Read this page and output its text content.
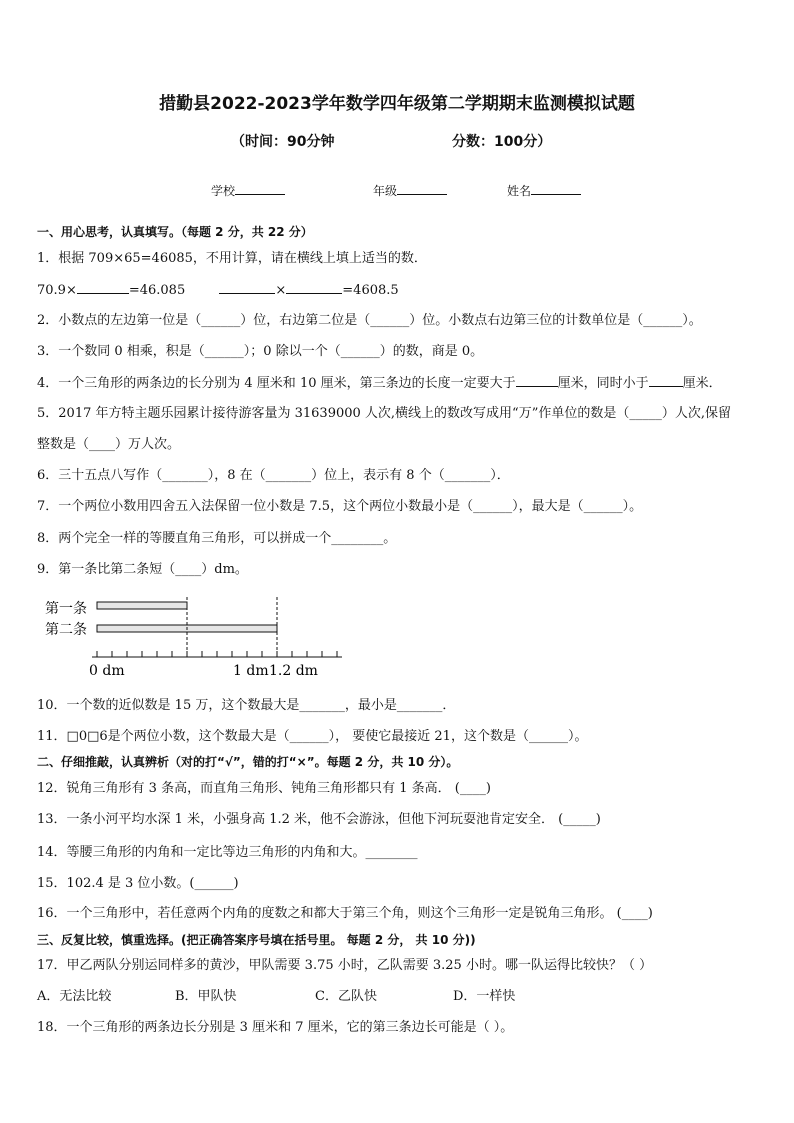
措勤县2022-2023学年数学四年级第二学期期末监测模拟试题
（时间：90分钟	分数：100分）
学校	年级	姓名
一、用心思考，认真填写。（每题 2 分，共 22 分）
1．根据 709×65=46085，不用计算，请在横线上填上适当的数．
70.9×	=46.085	×	=4608.5
2．小数点的左边第一位是（______）位，右边第二位是（______）位。小数点右边第三位的计数单位是（______）。
3．一个数同 0 相乘，积是（______）；0 除以一个（______）的数，商是 0。
4．一个三角形的两条边的长分别为 4 厘米和 10 厘米，第三条边的长度一定要大于	厘米，同时小于	厘米．
5．2017 年方特主题乐园累计接待游客量为 31639000 人次,横线上的数改写成用“万”作单位的数是（_____）人次,保留
整数是（____）万人次。
6．三十五点八写作（_______），8 在（_______）位上，表示有 8 个（_______）．
7．一个两位小数用四舍五入法保留一位小数是 7.5，这个两位小数最小是（______），最大是（______）。
8．两个完全一样的等腰直角三角形，可以拼成一个________。
9．第一条比第二条短（____）dm。
第一条
第二条
0 dm	1 dm 1.2 dm
10．一个数的近似数是 15 万，这个数最大是_______，最小是_______．
11．□0□6是个两位小数，这个数最大是（______）， 要使它最接近 21，这个数是（______）。
二、仔细推敲，认真辨析（对的打“√”，错的打“×”。每题 2 分，共 10 分）。
12．锐角三角形有 3 条高，而直角三角形、钝角三角形都只有 1 条高． (____)
13．一条小河平均水深 1 米，小强身高 1.2 米，他不会游泳，但他下河玩耍池肯定安全． (_____)
14．等腰三角形的内角和一定比等边三角形的内角和大。________
15．102.4 是 3 位小数。(______)
16．一个三角形中，若任意两个内角的度数之和都大于第三个角，则这个三角形一定是锐角三角形。 (____)
三、反复比较，慎重选择。(把正确答案序号填在括号里。 每题 2 分， 共 10 分))
17．甲乙两队分别运同样多的黄沙，甲队需要 3.75 小时，乙队需要 3.25 小时。哪一队运得比较快？（ ）
A．无法比较	B．甲队快	C．乙队快	D．一样快
18．一个三角形的两条边长分别是 3 厘米和 7 厘米，它的第三条边长可能是（ ）。
